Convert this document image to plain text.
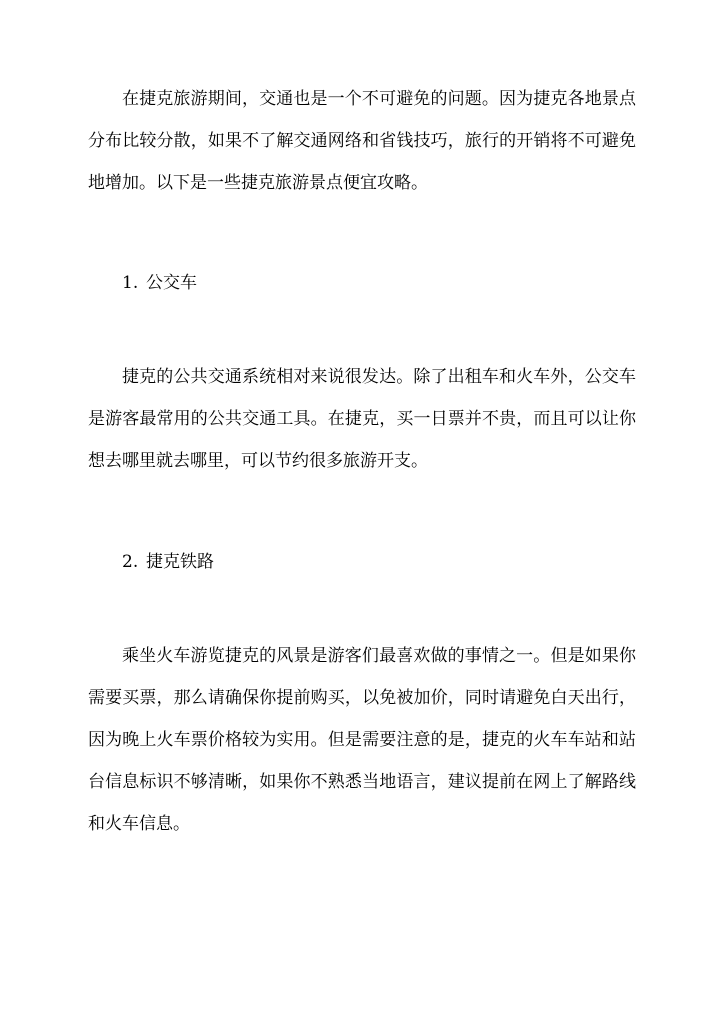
在捷克旅游期间，交通也是一个不可避免的问题。因为捷克各地景点分布比较分散，如果不了解交通网络和省钱技巧，旅行的开销将不可避免地增加。以下是一些捷克旅游景点便宜攻略。

1. 公交车

捷克的公共交通系统相对来说很发达。除了出租车和火车外，公交车是游客最常用的公共交通工具。在捷克，买一日票并不贵，而且可以让你想去哪里就去哪里，可以节约很多旅游开支。

2. 捷克铁路

乘坐火车游览捷克的风景是游客们最喜欢做的事情之一。但是如果你需要买票，那么请确保你提前购买，以免被加价，同时请避免白天出行，因为晚上火车票价格较为实用。但是需要注意的是，捷克的火车车站和站台信息标识不够清晰，如果你不熟悉当地语言，建议提前在网上了解路线和火车信息。
